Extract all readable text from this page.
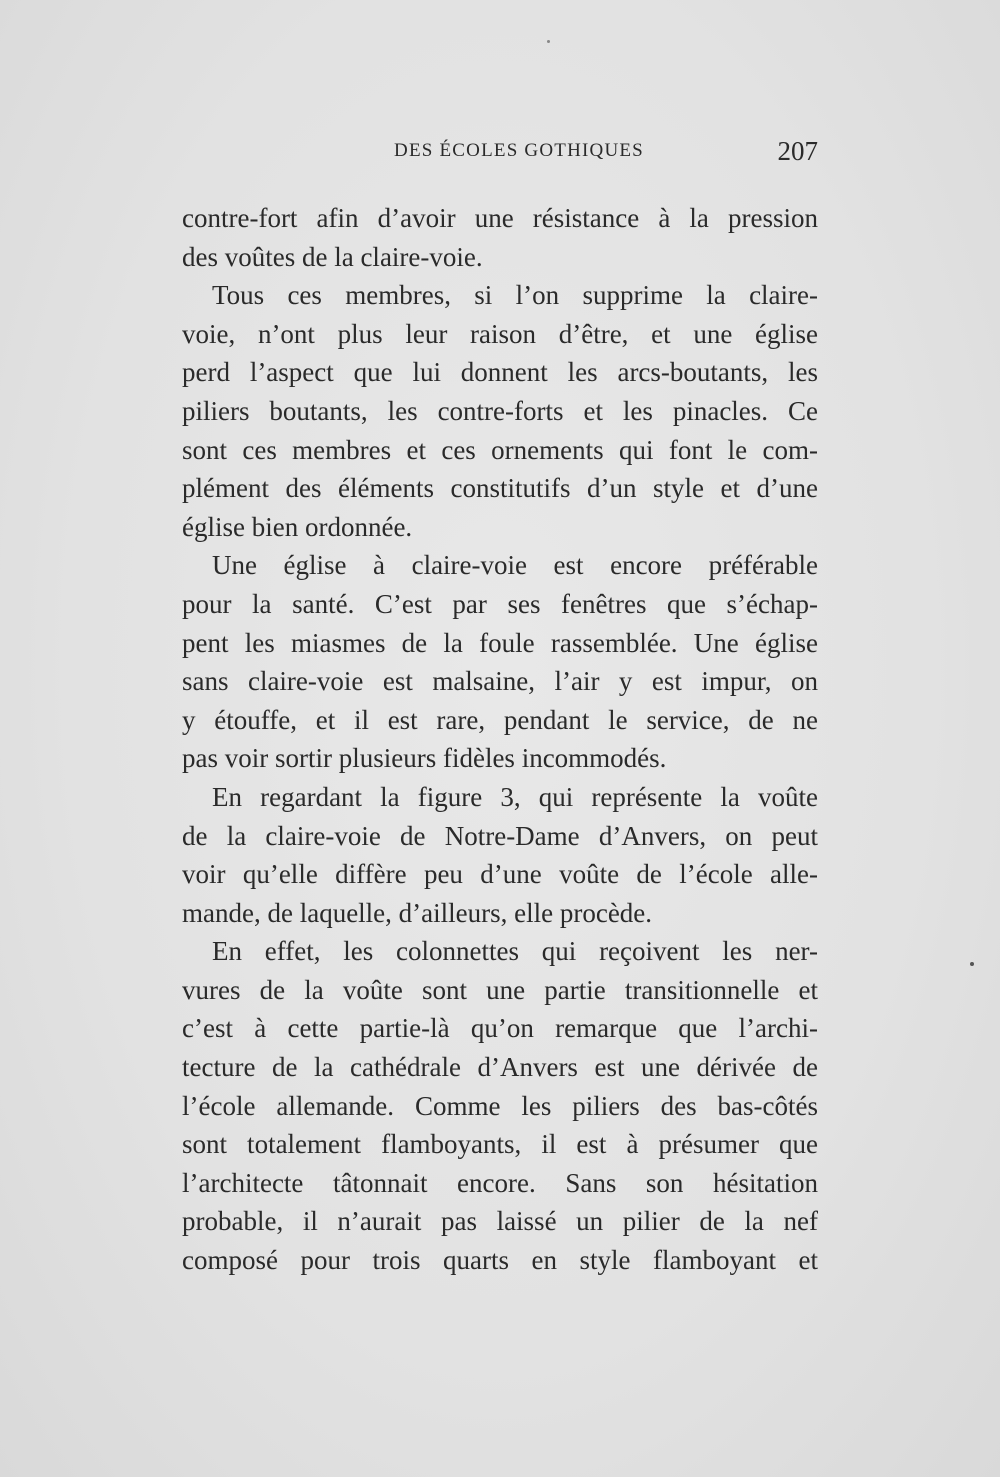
DES ÉCOLES GOTHIQUES	207
contre-fort afin d’avoir une résistance à la pression
des voûtes de la claire-voie.
Tous ces membres, si l’on supprime la claire-
voie, n’ont plus leur raison d’être, et une église
perd l’aspect que lui donnent les arcs-boutants, les
piliers boutants, les contre-forts et les pinacles. Ce
sont ces membres et ces ornements qui font le com-
plément des éléments constitutifs d’un style et d’une
église bien ordonnée.
Une église à claire-voie est encore préférable
pour la santé. C’est par ses fenêtres que s’échap-
pent les miasmes de la foule rassemblée. Une église
sans claire-voie est malsaine, l’air y est impur, on
y étouffe, et il est rare, pendant le service, de ne
pas voir sortir plusieurs fidèles incommodés.
En regardant la figure 3, qui représente la voûte
de la claire-voie de Notre-Dame d’Anvers, on peut
voir qu’elle diffère peu d’une voûte de l’école alle-
mande, de laquelle, d’ailleurs, elle procède.
En effet, les colonnettes qui reçoivent les ner-
vures de la voûte sont une partie transitionnelle et
c’est à cette partie-là qu’on remarque que l’archi-
tecture de la cathédrale d’Anvers est une dérivée de
l’école allemande. Comme les piliers des bas-côtés
sont totalement flamboyants, il est à présumer que
l’architecte tâtonnait encore. Sans son hésitation
probable, il n’aurait pas laissé un pilier de la nef
composé pour trois quarts en style flamboyant et
